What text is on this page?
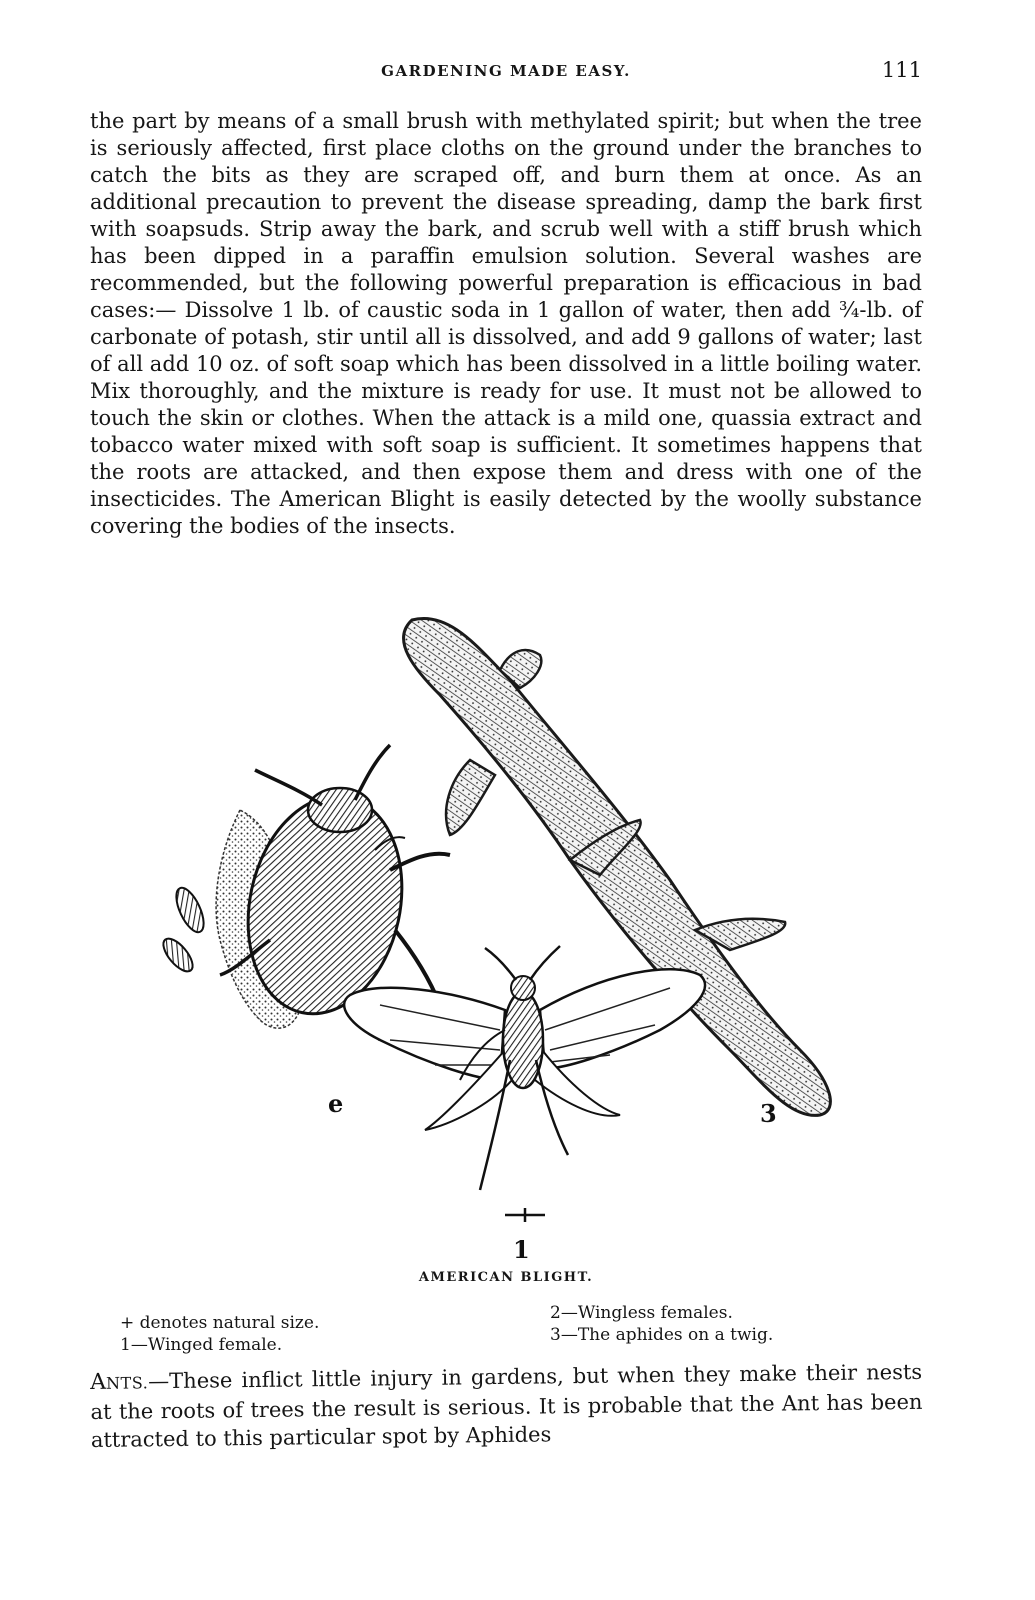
GARDENING MADE EASY.	111

the part by means of a small brush with methylated spirit; but when the tree is seriously affected, first place cloths on the ground under the branches to catch the bits as they are scraped off, and burn them at once. As an additional precaution to prevent the disease spreading, damp the bark first with soapsuds. Strip away the bark, and scrub well with a stiff brush which has been dipped in a paraffin emulsion solution. Several washes are recommended, but the following powerful preparation is efficacious in bad cases:— Dissolve 1 lb. of caustic soda in 1 gallon of water, then add ¾-lb. of carbonate of potash, stir until all is dissolved, and add 9 gallons of water; last of all add 10 oz. of soft soap which has been dissolved in a little boiling water. Mix thoroughly, and the mixture is ready for use. It must not be allowed to touch the skin or clothes. When the attack is a mild one, quassia extract and tobacco water mixed with soft soap is sufficient. It sometimes happens that the roots are attacked, and then expose them and dress with one of the insecticides. The American Blight is easily detected by the woolly substance covering the bodies of the insects.

e	3
1
AMERICAN BLIGHT.
+ denotes natural size.
1—Winged female.
2—Wingless females.
3—The aphides on a twig.

ANTS.—These inflict little injury in gardens, but when they make their nests at the roots of trees the result is serious. It is probable that the Ant has been attracted to this particular spot by Aphides
